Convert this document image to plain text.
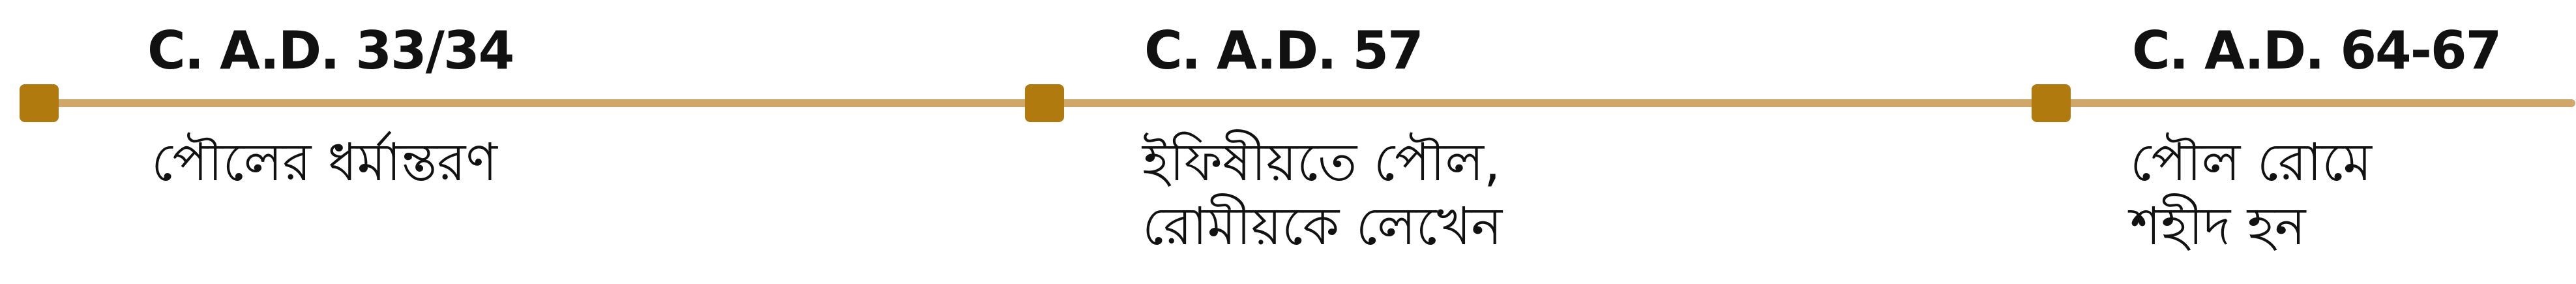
C. A.D. 33/34
পৌলের ধর্মান্তরণ
C. A.D. 57
ইফিষীয়তে পৌল,
রোমীয়কে লেখেন
C. A.D. 64-67
পৌল রোমে
শহীদ হন
